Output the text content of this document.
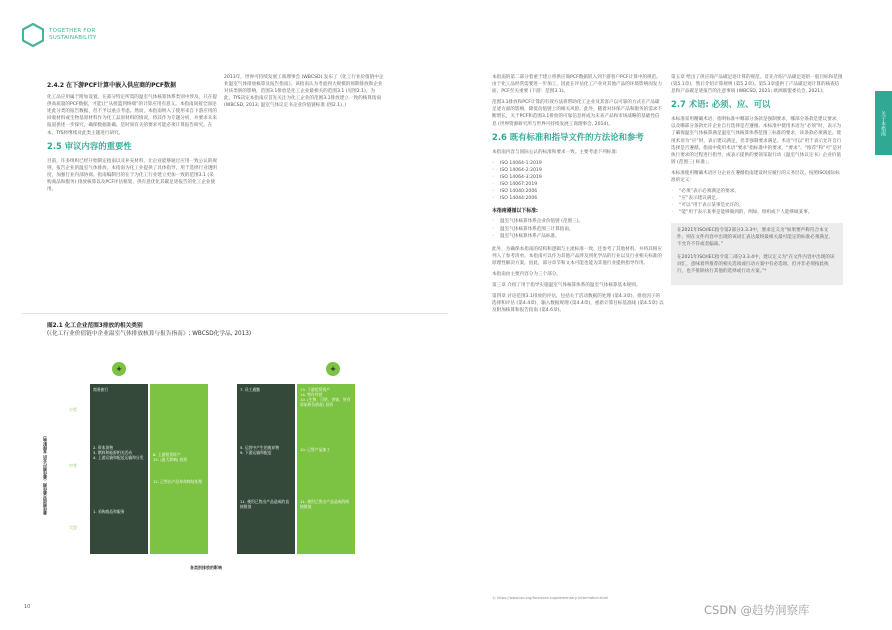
TOGETHER FOR
SUSTAINABILITY
关于本指南
2.4.2 在下游PCF计算中嵌入供应商的PCF数据

化工品应用属于附加设置。在部分特定所需的温室气体核算体系类别中涉及。只在提供高质量的PCF数据，才能让“从摇篮到终端”的计算应用有意义。本指南间接全面论述此分类的报告数据，但不予以重点考虑。然而，本指南纳入了使用来自下游应用的回收材料或生物基原材料作为化工品原材料的情况，将其作为专题分析，并要求未来报道供述一步探究，确保数据准确。是时间有关的要求可能必须计算报告研究。在本，TfS将继续对此类主题进行研究。

2.5 审议内容的重要性

目前，许多组织已经开始制定指南以及补充材料，让企业能够通过应用一致公认的规则，报告企业的温室气体排放。本指南为化工业提供了具体指导，用于选择行业透明度，加强行业内部协商。指南编制目的在于为化工行业建立更加一致的范围3.1 (采购商品和服务) 排放核算以及PCF评估框架，供有意优化其碳足迹报告的化工企业使用。

2013年，世界可持续发展工商理事会 (WBCSD) 发布了《化工行业价值链中企业温室气体排放核算及报告指南》。该指南认为考虑到大规模的预期排放和企业对该类别的影响，范围3.1排放是化工企业最相关的范围3.1 (见图2.1)。为此，TfS决定本指南应首先关注为化工企业的范围3.1排放建立一致的核算指南 (WBCSD, 2013; 温室气体议定书企业价值链标准 (图2.1)。)

图2.1 化工企业范围3排放的相关类别
(《化工行业价值链中企业温室气体排放核算与报告指南》; WBCSD化学品, 2013)
最佳测值对最佳测（最佳测行业的 直接影响）
小型
中等
大型
+	+
商务旅行
2. 资本货物
3. 燃料和能源相关活动
4. 上游运输和配送运输和分发
1. 采购商品和服务
8. 上游租赁资产
15. (最大影响) 投资
12. 已售出产品寿命终结处理
7. 员工通勤
5. 运营中产生的废弃物
9. 下游运输和配送
11. 使用已售出产品造成的直接排放
13. 下游租赁资产
14. 特许经营
10. (生物、可供、供销、所有原始和负债责) 投资
10. 已售产品加工
11. 使用已售出产品造成的间接排放
各类别排放的影响
10

本指南的第二部分着重于建立将供应商PCF数据嵌入到下游客户PCF计算中的规范。由于化工品经常需要进一步加工，因此在评估化工产业对其他产品的环境影响而发力面，PCF至关重要 (下游：范围3.1)。

范围3.1排放和PCF计算的有效方法将帮助化工企业及其客户以可靠的方式在产品碳足迹方面的影响，降低价值链上的相关风险。此外，随着对环保产品和服务的需求不断增长，关于PCF和范围3.1排放的可靠信息将成为未来产品和市场战略的基础性信息 (世界资源研究所与世界可持续发展工商理事会, 2014)。

2.6 既有标准和指导文件的方法论和参考

本指南内容与国际公认的标准和要求一致。主要考虑下列标准:

◦ ISO 14064-1:2019
◦ ISO 14064-2:2019
◦ ISO 14064-3:2019
◦ ISO 14067:2019
◦ ISO 14040:2006
◦ ISO 14044:2006
本指南遵循以下标准:
◦ 温室气体核算体系企业价值链 (范围三)。
◦ 温室气体核算体系范围三计算指南。
◦ 温室气体核算体系产品标准。

此外，为确保本指南的结构和逻辑与主流标准一致，还参考了其他材料。并将其相应列入了参考清单。本指南可以作为其他产品涉及到化学品的行业以及行业相关标准的原理性解决方案。因此，部分章节和文本可能也能为其他行业提供指导作用。

本指南由主要内容分为三个部分。

第三章 介绍了用于指导实施温室气体核算体系的温室气体核算基本规则。

第四章 讨论范围3.1排放的评估，包括关于活动数据的处理 (第4.3章)，排放因子的选择和评估 (第4.4章)，输入数据规理 (第4.4章)，重新计算目标基准线 (第4.5章) 以及附加核算和报告指南 (第4.6章)。

1) https://www.iso.org/foreword-supplementary-information.html

第五章 给出了供应商产品碳足迹计算的规范。首先介绍产品碳足迹的一般目标和范围 (第5.1章)，然后介绍计算规则 (第5.2章)。第5.3章提供了产品碳足迹计算的核查信息和产品碳足迹报告的注意事项 (WBCSD, 2021; 欧洲联盟委员会, 2021)。

2.7 术语: 必须、应、可以

本标准采用精确术语，指明标准中哪部分条款是强制要求，哪部分条款是建议要求，以及哪部分条款允许企业自行选择是否遵循。本标准中使用术语为“必须”时，表示为了确保温室气体核算满足温室气体核算体系范围三标准的要求，该条款必须满足。使用术语为“应”时，表示建议满足，但非强制要求满足。术语“可以”用于表示允许自行选择是否遵循。指南中使用术语“要求”指标准中的要求，“要求”、“推荐”和“可”是对执行要求的过程进行指导，或表示提供的要领采取行动《温室气体议定书》企业价值链 (范围三) 标准」。

本标准使用精确术语区分企业在遵循指南建设时应履行的义务层次。按照ISO国际标准的定义:

◦ “必须”表示必须满足的要求。
◦ “应”表示建议满足。
◦ “可以”用于表示某事是允许的。
◦ “能”用于表示某事是能够做到的，例如，组织或个人能够做某事。

在2021年ISO/IEC指令第2部分3.3.3中，要求定义为“如果要声称符合本文件，则在文件内容中出现的该词汇表达最终最相关最可能定的标准必须满足，不允许不符或者偏离。”

在2021年ISO/IEC指令第二部分3.3.4中，建议定义为“在文件内容中出现的该词汇，意味着所推荐的相关选项或行动方案中有必选项，但并非必须按此执行，也不排除执行其他的选择或行动方案。”⁴

CSDN @趋势洞察库
